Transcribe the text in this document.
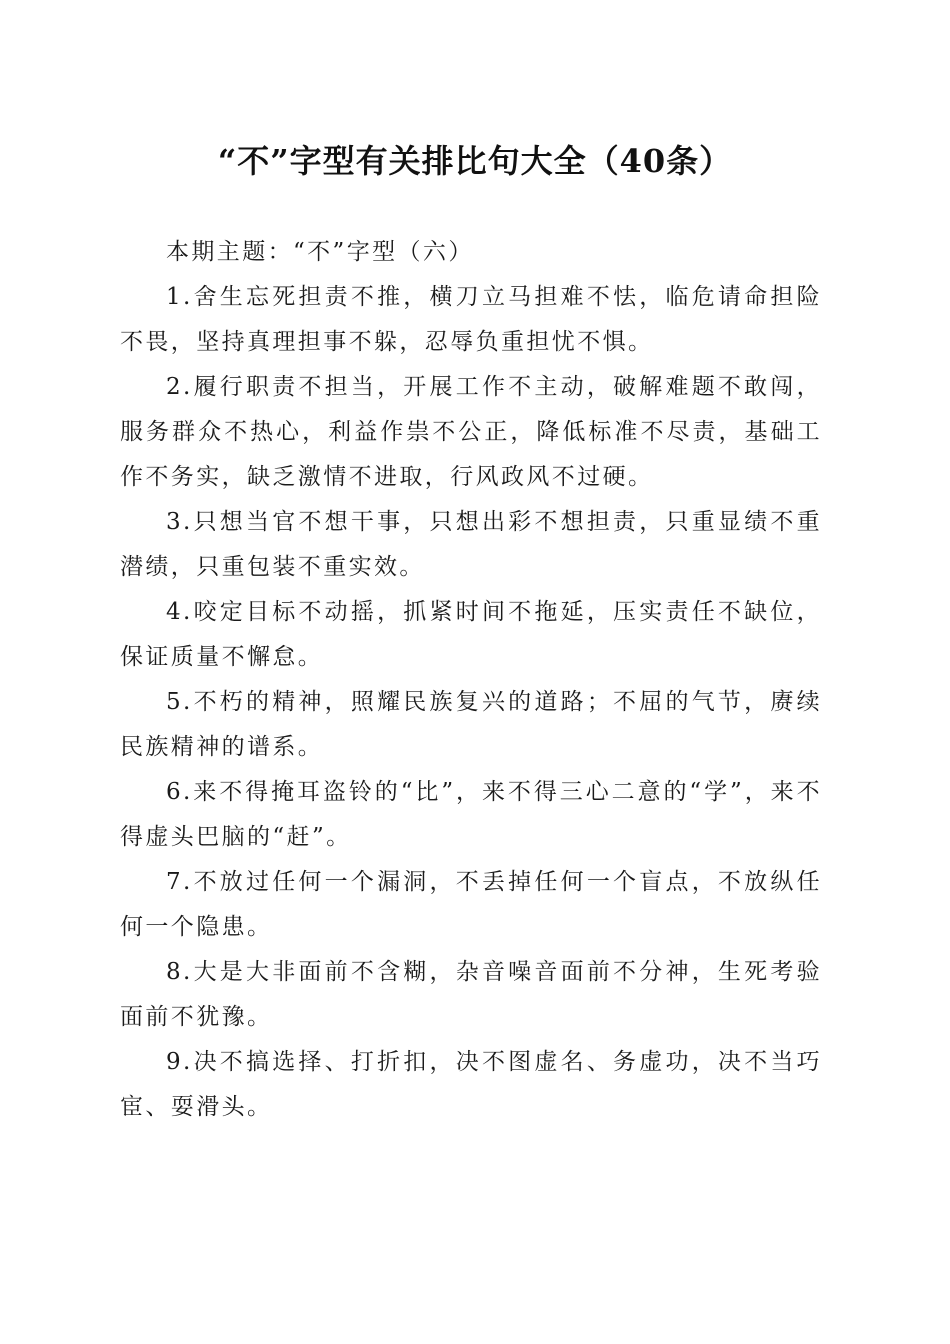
“不”字型有关排比句大全（40条）

本期主题：“不”字型（六）

1.舍生忘死担责不推，横刀立马担难不怯，临危请命担险不畏，坚持真理担事不躲，忍辱负重担忧不惧。

2.履行职责不担当，开展工作不主动，破解难题不敢闯，服务群众不热心，利益作祟不公正，降低标准不尽责，基础工作不务实，缺乏激情不进取，行风政风不过硬。

3.只想当官不想干事，只想出彩不想担责，只重显绩不重潜绩，只重包装不重实效。

4.咬定目标不动摇，抓紧时间不拖延，压实责任不缺位，保证质量不懈怠。

5.不朽的精神，照耀民族复兴的道路；不屈的气节，赓续民族精神的谱系。

6.来不得掩耳盗铃的“比”，来不得三心二意的“学”，来不得虚头巴脑的“赶”。

7.不放过任何一个漏洞，不丢掉任何一个盲点，不放纵任何一个隐患。

8.大是大非面前不含糊，杂音噪音面前不分神，生死考验面前不犹豫。

9.决不搞选择、打折扣，决不图虚名、务虚功，决不当巧宦、耍滑头。
